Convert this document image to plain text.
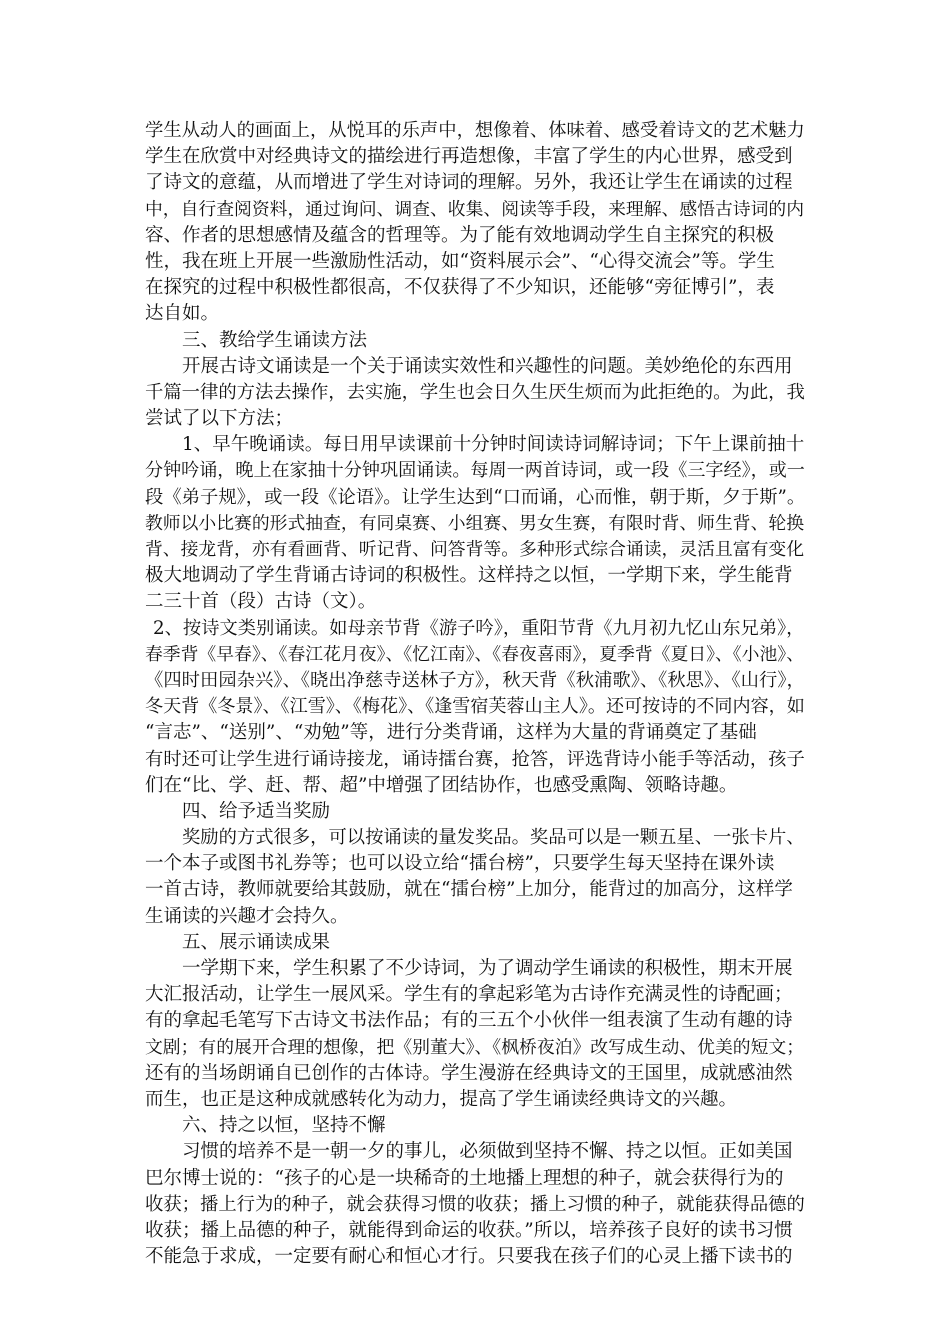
学生从动人的画面上，从悦耳的乐声中，想像着、体味着、感受着诗文的艺术魅力
学生在欣赏中对经典诗文的描绘进行再造想像，丰富了学生的内心世界，感受到
了诗文的意蕴，从而增进了学生对诗词的理解。另外，我还让学生在诵读的过程
中，自行查阅资料，通过询问、调查、收集、阅读等手段，来理解、感悟古诗词的内
容、作者的思想感情及蕴含的哲理等。为了能有效地调动学生自主探究的积极
性，我在班上开展一些激励性活动，如“资料展示会”、“心得交流会”等。学生
在探究的过程中积极性都很高，不仅获得了不少知识，还能够“旁征博引”，表
达自如。
三、教给学生诵读方法
开展古诗文诵读是一个关于诵读实效性和兴趣性的问题。美妙绝伦的东西用
千篇一律的方法去操作，去实施，学生也会日久生厌生烦而为此拒绝的。为此，我
尝试了以下方法；
1、早午晚诵读。每日用早读课前十分钟时间读诗词解诗词；下午上课前抽十
分钟吟诵，晚上在家抽十分钟巩固诵读。每周一两首诗词，或一段《三字经》，或一
段《弟子规》，或一段《论语》。让学生达到“口而诵，心而惟，朝于斯，夕于斯”。
教师以小比赛的形式抽查，有同桌赛、小组赛、男女生赛，有限时背、师生背、轮换
背、接龙背，亦有看画背、听记背、问答背等。多种形式综合诵读，灵活且富有变化
极大地调动了学生背诵古诗词的积极性。这样持之以恒，一学期下来，学生能背
二三十首（段）古诗（文）。
2、按诗文类别诵读。如母亲节背《游子吟》，重阳节背《九月初九忆山东兄弟》，
春季背《早春》、《春江花月夜》、《忆江南》、《春夜喜雨》，夏季背《夏日》、《小池》、
《四时田园杂兴》、《晓出净慈寺送林子方》，秋天背《秋浦歌》、《秋思》、《山行》，
冬天背《冬景》、《江雪》、《梅花》、《逢雪宿芙蓉山主人》。还可按诗的不同内容，如
“言志”、“送别”、“劝勉”等，进行分类背诵，这样为大量的背诵奠定了基础
有时还可让学生进行诵诗接龙，诵诗擂台赛，抢答，评选背诗小能手等活动，孩子
们在“比、学、赶、帮、超”中增强了团结协作，也感受熏陶、领略诗趣。
四、给予适当奖励
奖励的方式很多，可以按诵读的量发奖品。奖品可以是一颗五星、一张卡片、
一个本子或图书礼券等；也可以设立给“擂台榜”，只要学生每天坚持在课外读
一首古诗，教师就要给其鼓励，就在“擂台榜”上加分，能背过的加高分，这样学
生诵读的兴趣才会持久。
五、展示诵读成果
一学期下来，学生积累了不少诗词，为了调动学生诵读的积极性，期末开展
大汇报活动，让学生一展风采。学生有的拿起彩笔为古诗作充满灵性的诗配画；
有的拿起毛笔写下古诗文书法作品；有的三五个小伙伴一组表演了生动有趣的诗
文剧；有的展开合理的想像，把《别董大》、《枫桥夜泊》改写成生动、优美的短文；
还有的当场朗诵自已创作的古体诗。学生漫游在经典诗文的王国里，成就感油然
而生，也正是这种成就感转化为动力，提高了学生诵读经典诗文的兴趣。
六、持之以恒，坚持不懈
习惯的培养不是一朝一夕的事儿，必须做到坚持不懈、持之以恒。正如美国
巴尔博士说的：“孩子的心是一块稀奇的土地播上理想的种子，就会获得行为的
收获；播上行为的种子，就会获得习惯的收获；播上习惯的种子，就能获得品德的
收获；播上品德的种子，就能得到命运的收获。”所以，培养孩子良好的读书习惯
不能急于求成，一定要有耐心和恒心才行。只要我在孩子们的心灵上播下读书的
